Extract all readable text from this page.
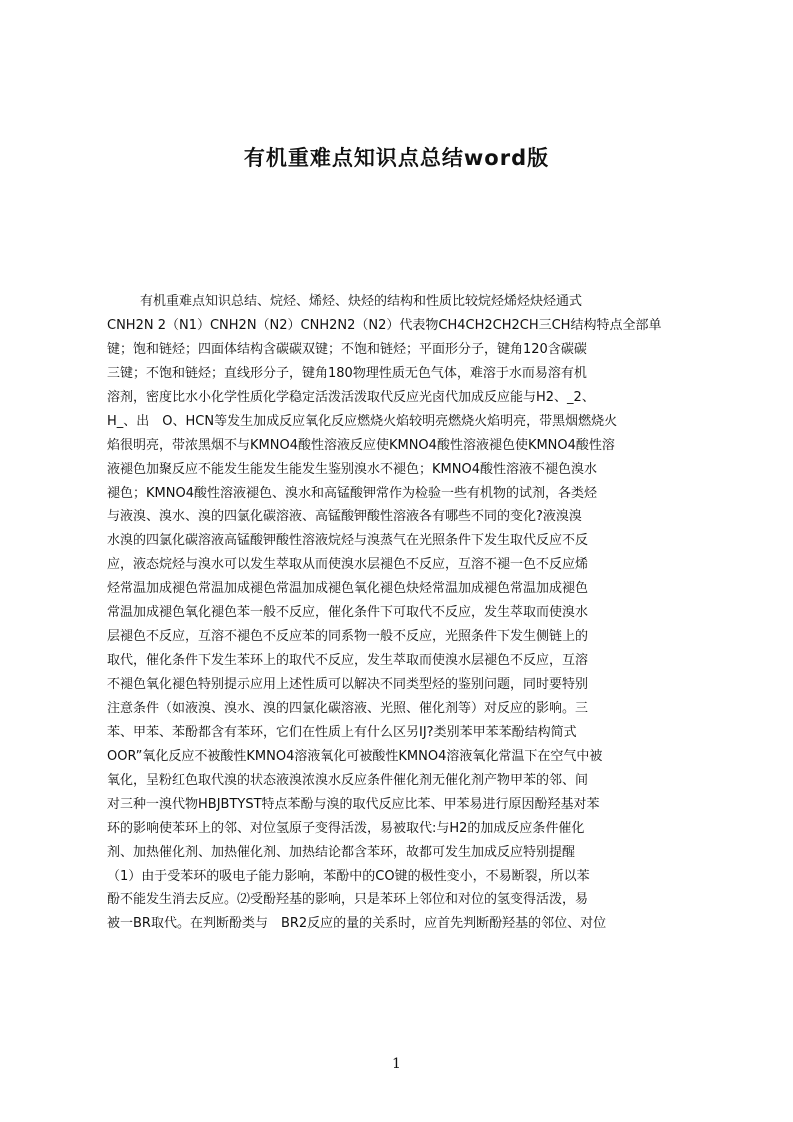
有机重难点知识点总结word版
有机重难点知识总结、烷烃、烯烃、炔烃的结构和性质比较烷烃烯烃炔烃通式
CNH2N 2（N1）CNH2N（N2）CNH2N2（N2）代表物CH4CH2CH2CH三CH结构特点全部单
键；饱和链烃；四面体结构含碳碳双键；不饱和链烃；平面形分子，键角120含碳碳
三键；不饱和链烃；直线形分子，键角180物理性质无色气体，难溶于水而易溶有机
溶剂，密度比水小化学性质化学稳定活泼活泼取代反应光卤代加成反应能与H2、_2、
H_、出　O、HCN等发生加成反应氧化反应燃烧火焰较明亮燃烧火焰明亮，带黑烟燃烧火
焰很明亮，带浓黑烟不与KMNO4酸性溶液反应使KMNO4酸性溶液褪色使KMNO4酸性溶
液褪色加聚反应不能发生能发生能发生鉴别溴水不褪色；KMNO4酸性溶液不褪色溴水
褪色；KMNO4酸性溶液褪色、溴水和高锰酸钾常作为检验一些有机物的试剂，各类烃
与液溴、溴水、溴的四氯化碳溶液、高锰酸钾酸性溶液各有哪些不同的变化?液溴溴
水溴的四氯化碳溶液高锰酸钾酸性溶液烷烃与溴蒸气在光照条件下发生取代反应不反
应，液态烷烃与溴水可以发生萃取从而使溴水层褪色不反应，互溶不褪一色不反应烯
烃常温加成褪色常温加成褪色常温加成褪色氧化褪色炔烃常温加成褪色常温加成褪色
常温加成褪色氧化褪色苯一般不反应，催化条件下可取代不反应，发生萃取而使溴水
层褪色不反应，互溶不褪色不反应苯的同系物一般不反应，光照条件下发生侧链上的
取代，催化条件下发生苯环上的取代不反应，发生萃取而使溴水层褪色不反应，互溶
不褪色氧化褪色特别提示应用上述性质可以解决不同类型烃的鉴别问题，同时要特别
注意条件（如液溴、溴水、溴的四氯化碳溶液、光照、催化剂等）对反应的影响。三
苯、甲苯、苯酚都含有苯环，它们在性质上有什么区另IJ?类别苯甲苯苯酚结构简式
OOR”氧化反应不被酸性KMNO4溶液氧化可被酸性KMNO4溶液氧化常温下在空气中被
氧化，呈粉红色取代溴的状态液溴浓溴水反应条件催化剂无催化剂产物甲苯的邻、间
对三种一溴代物HBJBTYST特点苯酚与溴的取代反应比苯、甲苯易进行原因酚羟基对苯
环的影响使苯环上的邻、对位氢原子变得活泼，易被取代:与H2的加成反应条件催化
剂、加热催化剂、加热催化剂、加热结论都含苯环，故都可发生加成反应特别提醒
（1）由于受苯环的吸电子能力影响，苯酚中的CO键的极性变小，不易断裂，所以苯
酚不能发生消去反应。⑵受酚羟基的影响，只是苯环上邻位和对位的氢变得活泼，易
被一BR取代。在判断酚类与　BR2反应的量的关系时，应首先判断酚羟基的邻位、对位
1
